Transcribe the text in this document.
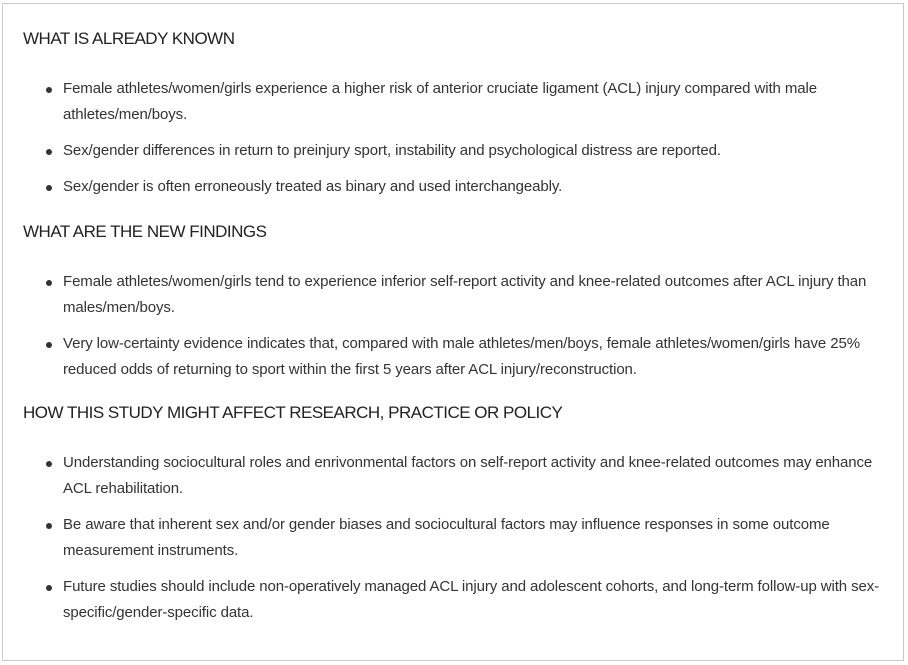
WHAT IS ALREADY KNOWN
Female athletes/women/girls experience a higher risk of anterior cruciate ligament (ACL) injury compared with male athletes/men/boys.
Sex/gender differences in return to preinjury sport, instability and psychological distress are reported.
Sex/gender is often erroneously treated as binary and used interchangeably.
WHAT ARE THE NEW FINDINGS
Female athletes/women/girls tend to experience inferior self-report activity and knee-related outcomes after ACL injury than males/men/boys.
Very low-certainty evidence indicates that, compared with male athletes/men/boys, female athletes/women/girls have 25% reduced odds of returning to sport within the first 5 years after ACL injury/reconstruction.
HOW THIS STUDY MIGHT AFFECT RESEARCH, PRACTICE OR POLICY
Understanding sociocultural roles and enrivonmental factors on self-report activity and knee-related outcomes may enhance ACL rehabilitation.
Be aware that inherent sex and/or gender biases and sociocultural factors may influence responses in some outcome measurement instruments.
Future studies should include non-operatively managed ACL injury and adolescent cohorts, and long-term follow-up with sex-specific/gender-specific data.
